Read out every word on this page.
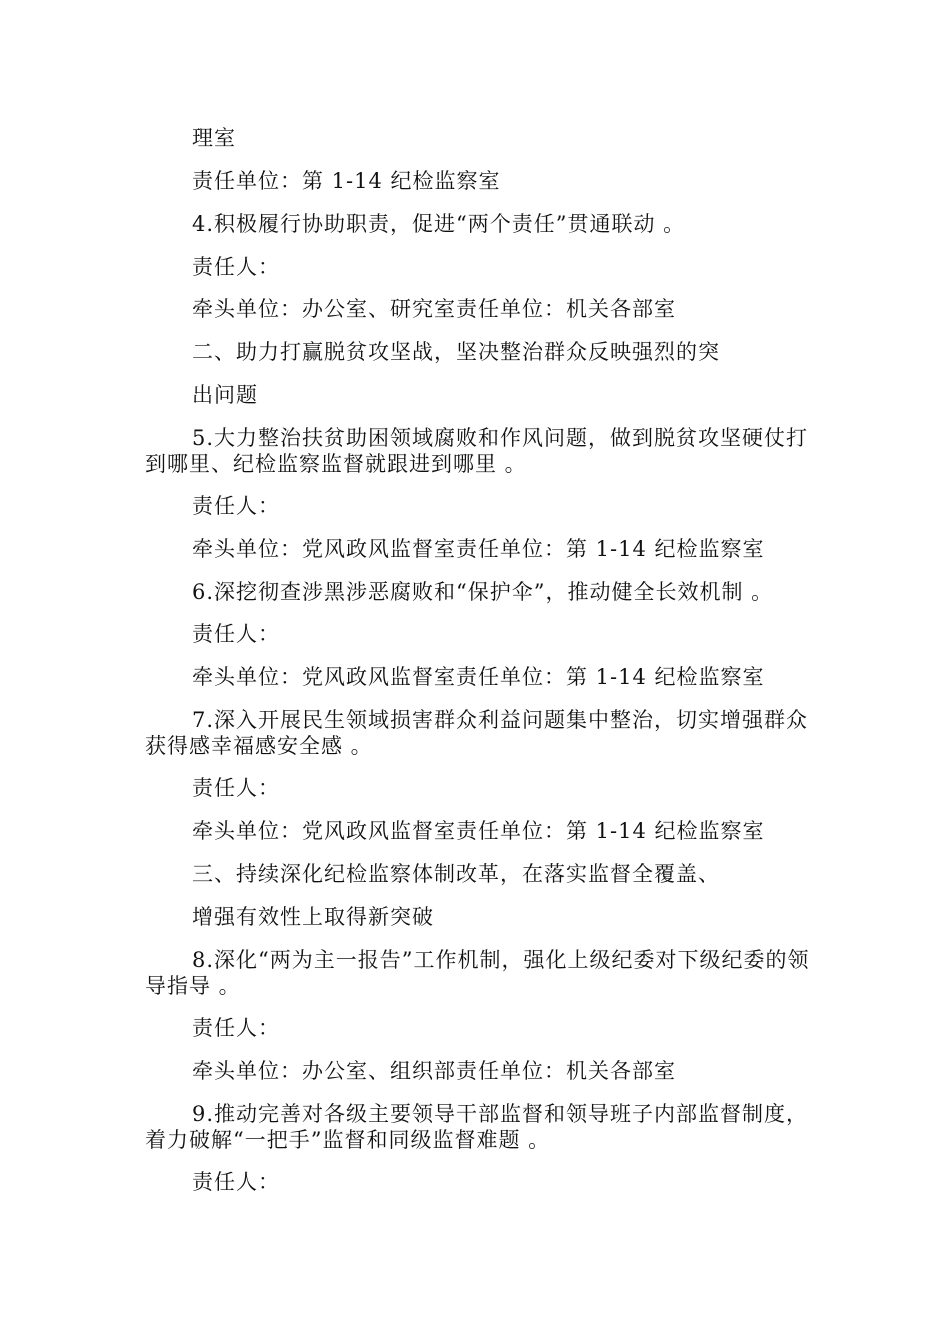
理室
责任单位：第 1-14 纪检监察室
4.积极履行协助职责，促进“两个责任”贯通联动 。
责任人：
牵头单位：办公室、研究室责任单位：机关各部室
二、助力打赢脱贫攻坚战，坚决整治群众反映强烈的突
出问题
5.大力整治扶贫助困领域腐败和作风问题，做到脱贫攻坚硬仗打到哪里、纪检监察监督就跟进到哪里 。
责任人：
牵头单位：党风政风监督室责任单位：第 1-14 纪检监察室
6.深挖彻查涉黑涉恶腐败和“保护伞”，推动健全长效机制 。
责任人：
牵头单位：党风政风监督室责任单位：第 1-14 纪检监察室
7.深入开展民生领域损害群众利益问题集中整治，切实增强群众获得感幸福感安全感 。
责任人：
牵头单位：党风政风监督室责任单位：第 1-14 纪检监察室
三、持续深化纪检监察体制改革，在落实监督全覆盖、
增强有效性上取得新突破
8.深化“两为主一报告”工作机制，强化上级纪委对下级纪委的领导指导 。
责任人：
牵头单位：办公室、组织部责任单位：机关各部室
9.推动完善对各级主要领导干部监督和领导班子内部监督制度，着力破解“一把手”监督和同级监督难题 。
责任人：
